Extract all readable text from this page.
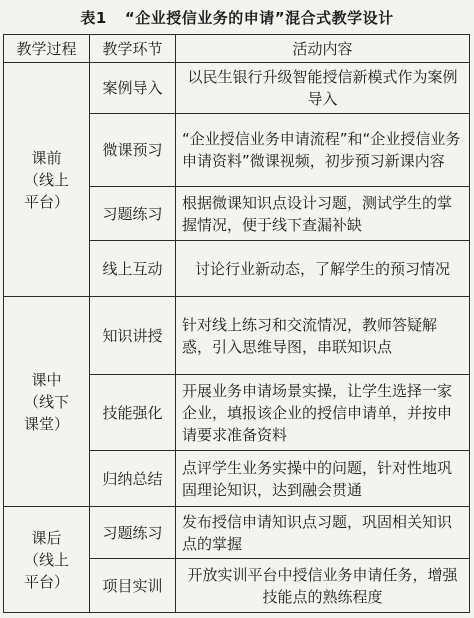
表1 “企业授信业务的申请”混合式教学设计
教学过程	教学环节	活动内容

课前
（线上
平台）	案例导入	以民生银行升级智能授信新模式作为案例导入
	微课预习	“企业授信业务申请流程”和“企业授信业务申请资料”微课视频，初步预习新课内容
	习题练习	根据微课知识点设计习题，测试学生的掌握情况，便于线下查漏补缺
	线上互动	讨论行业新动态，了解学生的预习情况

课中
（线下
课堂）	知识讲授	针对线上练习和交流情况，教师答疑解惑，引入思维导图，串联知识点
	技能强化	开展业务申请场景实操，让学生选择一家企业，填报该企业的授信申请单，并按申请要求准备资料
	归纳总结	点评学生业务实操中的问题，针对性地巩固理论知识，达到融会贯通

课后
（线上
平台）	习题练习	发布授信申请知识点习题，巩固相关知识点的掌握
	项目实训	开放实训平台中授信业务申请任务，增强技能点的熟练程度
